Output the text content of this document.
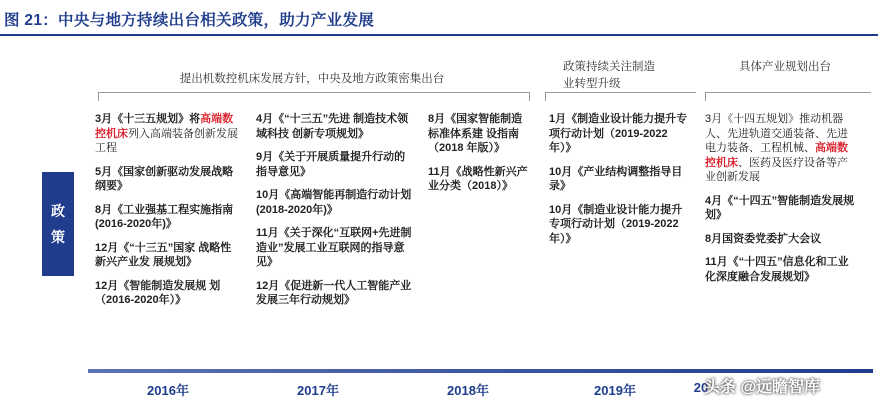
图 21：中央与地方持续出台相关政策，助力产业发展
提出机数控机床发展方针，中央及地方政策密集出台
政策持续关注制造
业转型升级
具体产业规划出台
政
策
3月《十三五规划》将高端数控机床列入高端装备创新发展工程
5月《国家创新驱动发展战略纲要》
8月《工业强基工程实施指南(2016-2020年)》
12月《“十三五”国家 战略性新兴产业发 展规划》
12月《智能制造发展规 划（2016-2020年）》
4月《“十三五”先进 制造技术领域科技 创新专项规划》
9月《关于开展质量提升行动的指导意见》
10月《高端智能再制造行动计划(2018-2020年)》
11月《关于深化“互联网+先进制造业”发展工业互联网的指导意见》
12月《促进新一代人工智能产业发展三年行动规划》
8月《国家智能制造标准体系建 设指南（2018 年版）》
11月《战略性新兴产业分类（2018）》
1月《制造业设计能力提升专项行动计划（2019-2022年）》
10月《产业结构调整指导目录》
10月《制造业设计能力提升专项行动计划（2019-2022年）》
3月《十四五规划》推动机器人、先进轨道交通装备、先进电力装备、工程机械、高端数控机床、医药及医疗设备等产业创新发展
4月《“十四五”智能制造发展规划》
8月国资委党委扩大会议
11月《“十四五”信息化和工业化深度融合发展规划》
2016年	2017年	2018年	2019年	20
头条 @远瞻智库
